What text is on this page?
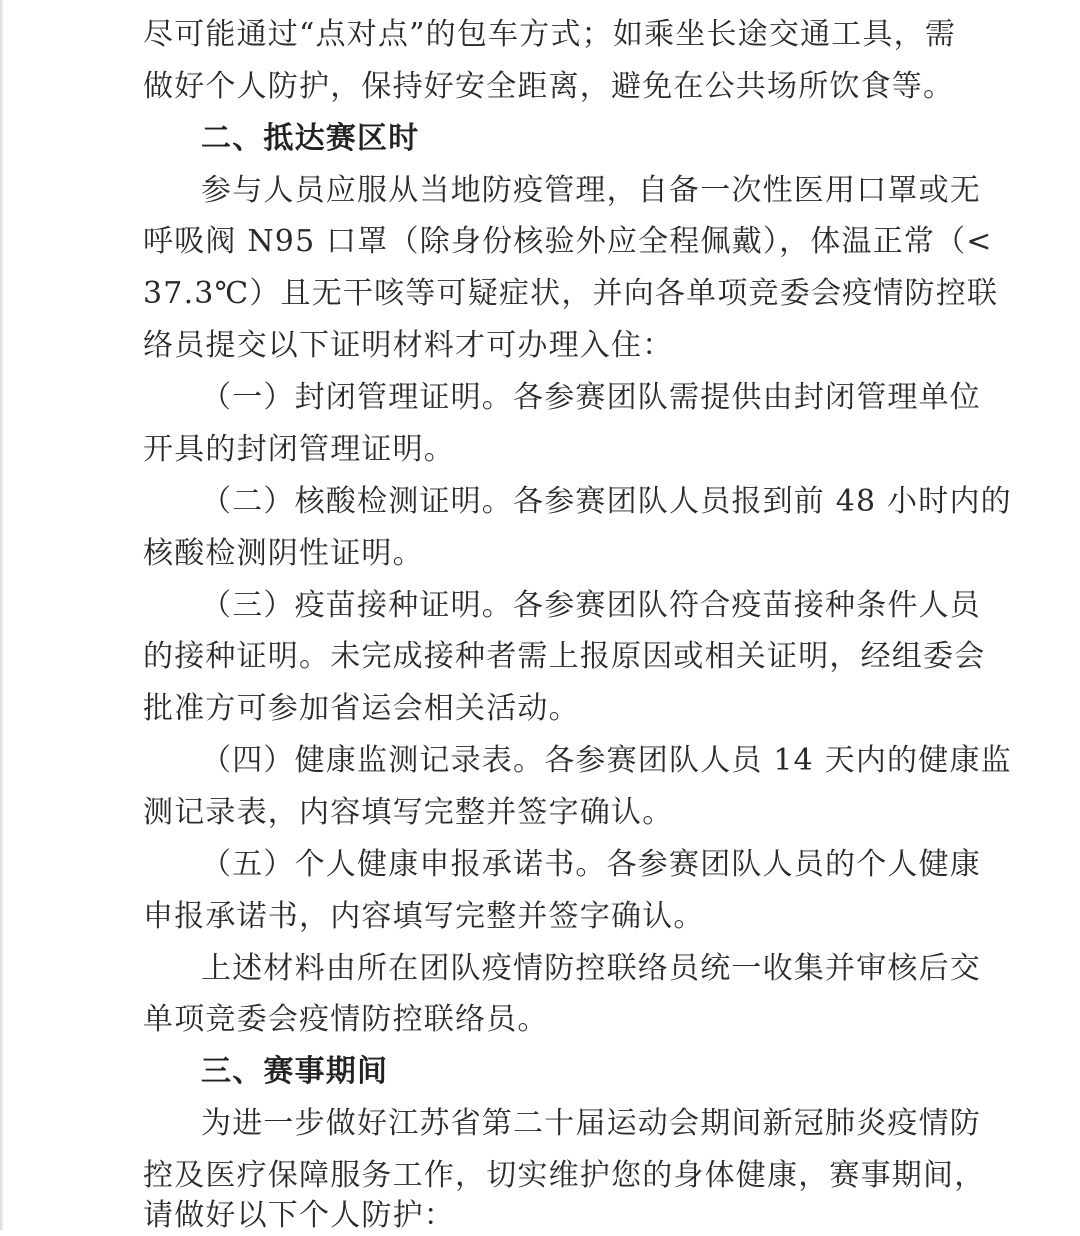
尽可能通过“点对点”的包车方式；如乘坐长途交通工具，需

做好个人防护，保持好安全距离，避免在公共场所饮食等。

二、抵达赛区时

参与人员应服从当地防疫管理，自备一次性医用口罩或无

呼吸阀 N95 口罩（除身份核验外应全程佩戴），体温正常（<

37.3℃）且无干咳等可疑症状，并向各单项竞委会疫情防控联

络员提交以下证明材料才可办理入住：

（一）封闭管理证明。各参赛团队需提供由封闭管理单位

开具的封闭管理证明。

（二）核酸检测证明。各参赛团队人员报到前 48 小时内的

核酸检测阴性证明。

（三）疫苗接种证明。各参赛团队符合疫苗接种条件人员

的接种证明。未完成接种者需上报原因或相关证明，经组委会

批准方可参加省运会相关活动。

（四）健康监测记录表。各参赛团队人员 14 天内的健康监

测记录表，内容填写完整并签字确认。

（五）个人健康申报承诺书。各参赛团队人员的个人健康

申报承诺书，内容填写完整并签字确认。

上述材料由所在团队疫情防控联络员统一收集并审核后交

单项竞委会疫情防控联络员。

三、赛事期间

为进一步做好江苏省第二十届运动会期间新冠肺炎疫情防

控及医疗保障服务工作，切实维护您的身体健康，赛事期间，

请做好以下个人防护：
